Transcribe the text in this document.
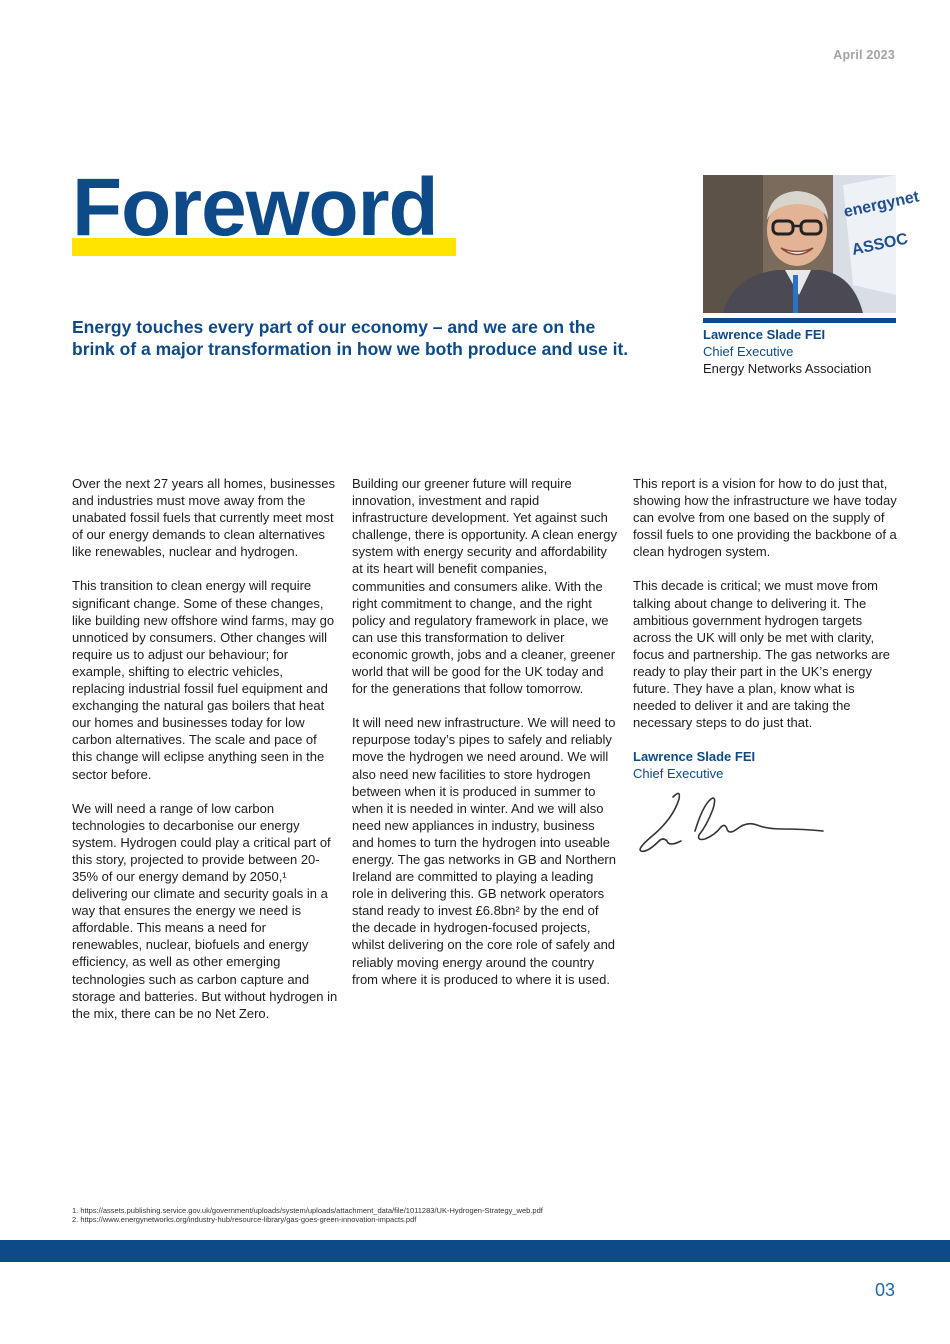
April 2023
Foreword

Energy touches every part of our economy – and we are on the brink of a major transformation in how we both produce and use it.

energynet
ASSOC
Lawrence Slade FEI
Chief Executive
Energy Networks Association

Over the next 27 years all homes, businesses and industries must move away from the unabated fossil fuels that currently meet most of our energy demands to clean alternatives like renewables, nuclear and hydrogen.

This transition to clean energy will require significant change. Some of these changes, like building new offshore wind farms, may go unnoticed by consumers. Other changes will require us to adjust our behaviour; for example, shifting to electric vehicles, replacing industrial fossil fuel equipment and exchanging the natural gas boilers that heat our homes and businesses today for low carbon alternatives. The scale and pace of this change will eclipse anything seen in the sector before.

We will need a range of low carbon technologies to decarbonise our energy system. Hydrogen could play a critical part of this story, projected to provide between 20-35% of our energy demand by 2050,¹ delivering our climate and security goals in a way that ensures the energy we need is affordable. This means a need for renewables, nuclear, biofuels and energy efficiency, as well as other emerging technologies such as carbon capture and storage and batteries. But without hydrogen in the mix, there can be no Net Zero.

Building our greener future will require innovation, investment and rapid infrastructure development. Yet against such challenge, there is opportunity. A clean energy system with energy security and affordability at its heart will benefit companies, communities and consumers alike. With the right commitment to change, and the right policy and regulatory framework in place, we can use this transformation to deliver economic growth, jobs and a cleaner, greener world that will be good for the UK today and for the generations that follow tomorrow.

It will need new infrastructure. We will need to repurpose today’s pipes to safely and reliably move the hydrogen we need around. We will also need new facilities to store hydrogen between when it is produced in summer to when it is needed in winter. And we will also need new appliances in industry, business and homes to turn the hydrogen into useable energy. The gas networks in GB and Northern Ireland are committed to playing a leading role in delivering this. GB network operators stand ready to invest £6.8bn² by the end of the decade in hydrogen-focused projects, whilst delivering on the core role of safely and reliably moving energy around the country from where it is produced to where it is used.

This report is a vision for how to do just that, showing how the infrastructure we have today can evolve from one based on the supply of fossil fuels to one providing the backbone of a clean hydrogen system.

This decade is critical; we must move from talking about change to delivering it. The ambitious government hydrogen targets across the UK will only be met with clarity, focus and partnership. The gas networks are ready to play their part in the UK’s energy future. They have a plan, know what is needed to deliver it and are taking the necessary steps to do just that.

Lawrence Slade FEI
Chief Executive
1. https://assets.publishing.service.gov.uk/government/uploads/system/uploads/attachment_data/file/1011283/UK-Hydrogen-Strategy_web.pdf
2. https://www.energynetworks.org/industry-hub/resource-library/gas-goes-green-innovation-impacts.pdf
03
